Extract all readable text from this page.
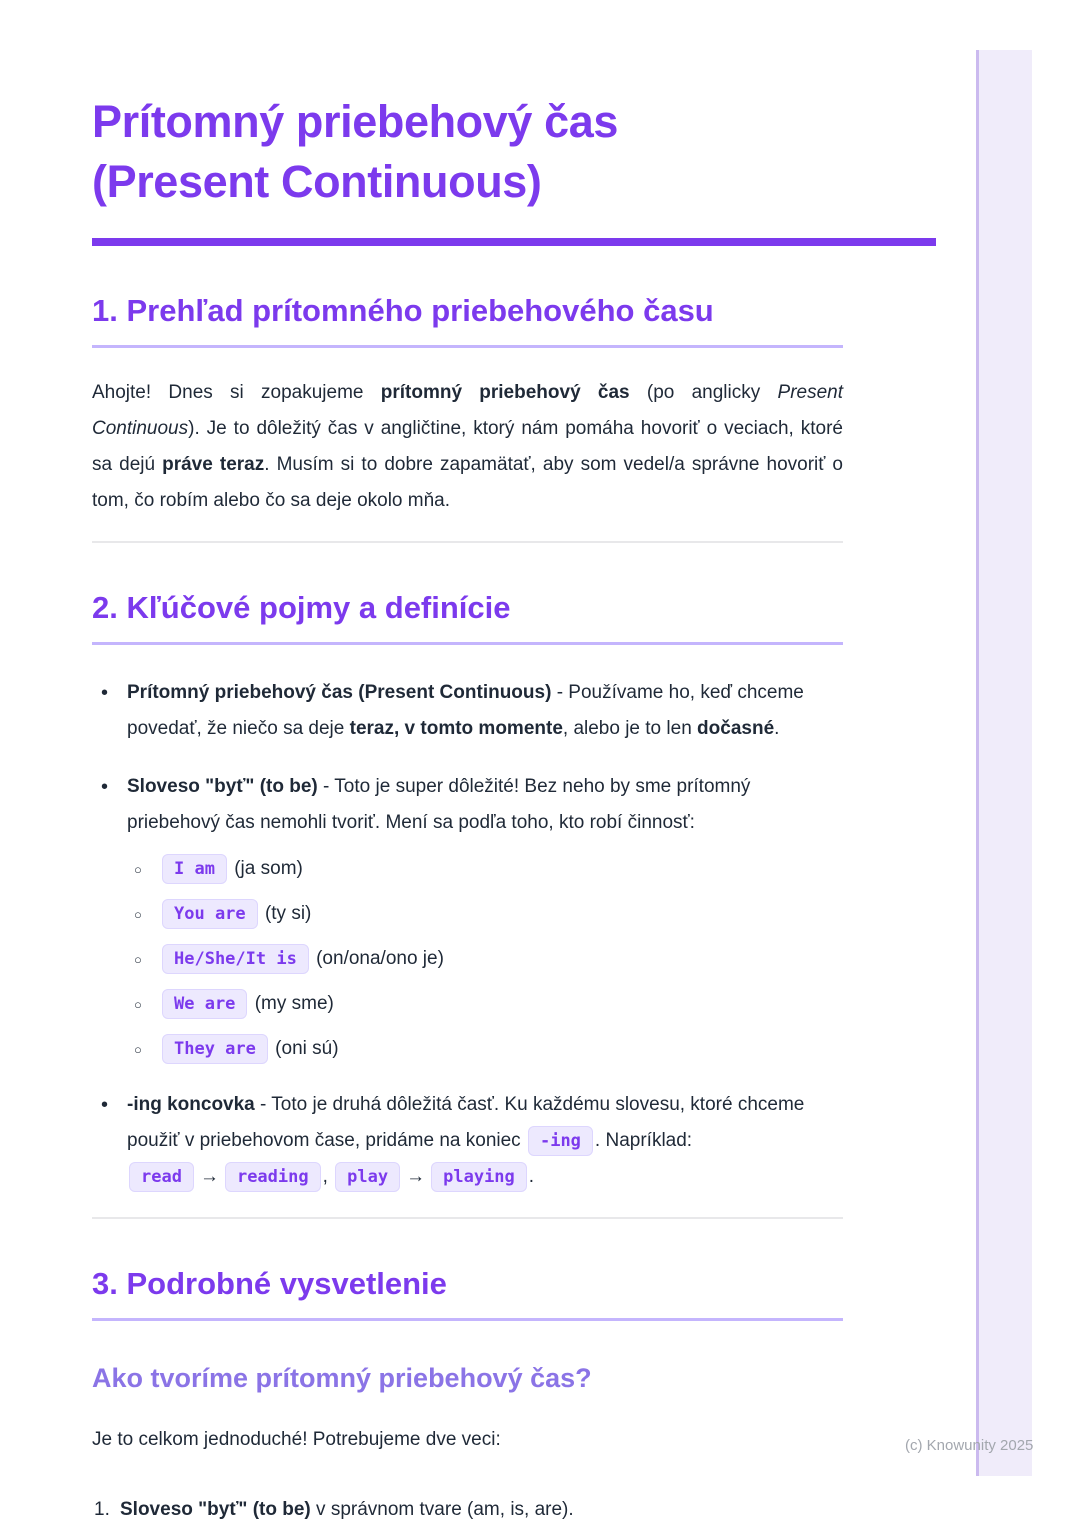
Prítomný priebehový čas (Present Continuous)
1. Prehľad prítomného priebehového času

Ahojte! Dnes si zopakujeme prítomný priebehový čas (po anglicky Present Continuous). Je to dôležitý čas v angličtine, ktorý nám pomáha hovoriť o veciach, ktoré sa dejú práve teraz. Musím si to dobre zapamätať, aby som vedel/a správne hovoriť o tom, čo robím alebo čo sa deje okolo mňa.

2. Kľúčové pojmy a definície
• Prítomný priebehový čas (Present Continuous) - Používame ho, keď chceme povedať, že niečo sa deje teraz, v tomto momente, alebo je to len dočasné.
• Sloveso "byť" (to be) - Toto je super dôležité! Bez neho by sme prítomný priebehový čas nemohli tvoriť. Mení sa podľa toho, kto robí činnosť:
○ I am (ja som)
○ You are (ty si)
○ He/She/It is (on/ona/ono je)
○ We are (my sme)
○ They are (oni sú)
• -ing koncovka - Toto je druhá dôležitá časť. Ku každému slovesu, ktoré chceme použiť v priebehovom čase, pridáme na koniec -ing . Napríklad:
read → reading , play → playing .
3. Podrobné vysvetlenie
Ako tvoríme prítomný priebehový čas?

Je to celkom jednoduché! Potrebujeme dve veci:

1. Sloveso "byť" (to be) v správnom tvare (am, is, are).
(c) Knowunity 2025
